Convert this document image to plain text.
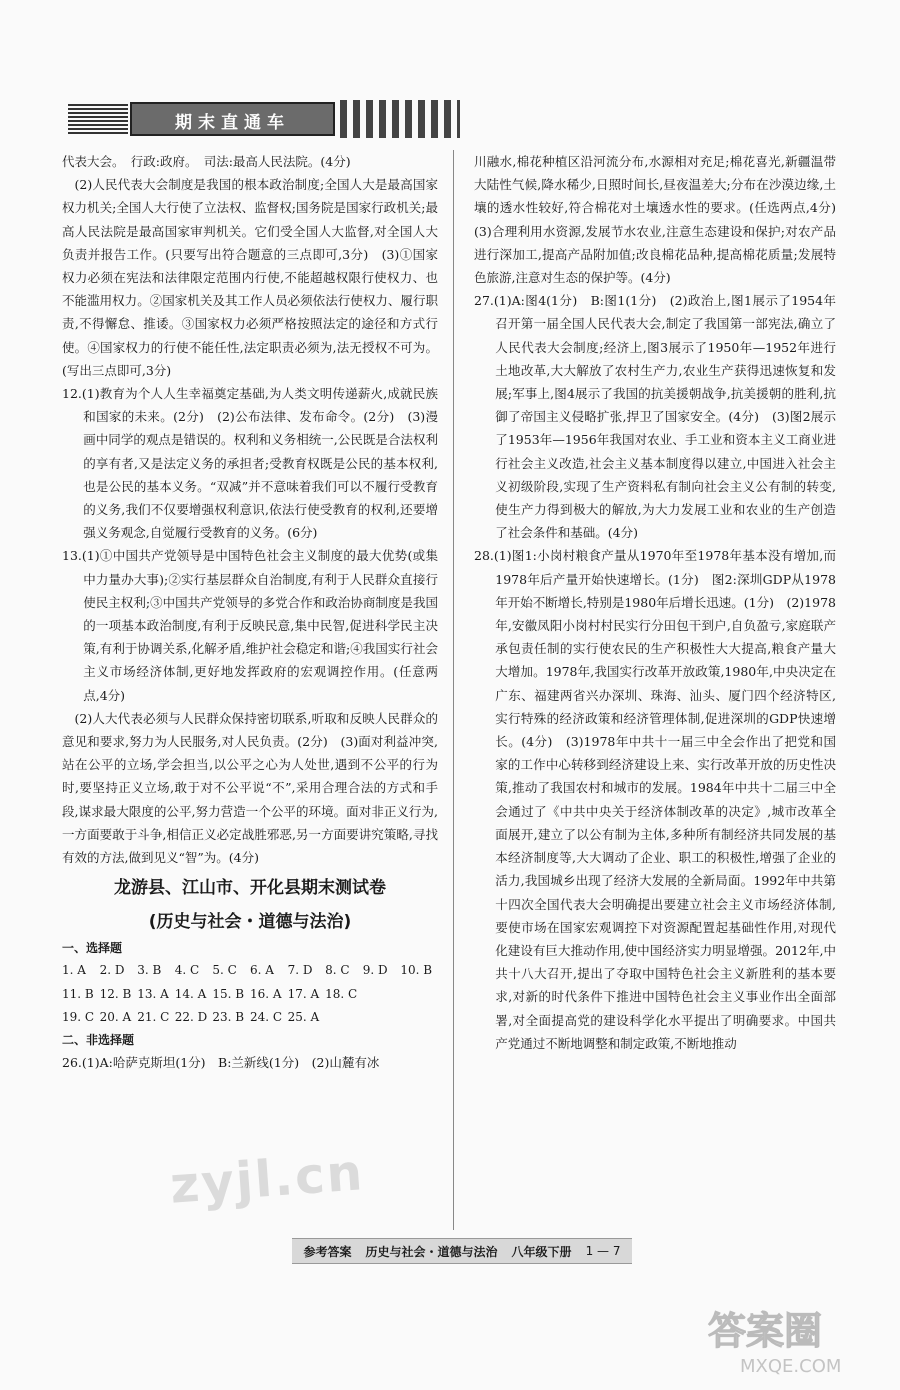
期末直通车

代表大会。　行政:政府。　司法:最高人民法院。(4分)

(2)人民代表大会制度是我国的根本政治制度;全国人大是最高国家权力机关;全国人大行使了立法权、监督权;国务院是国家行政机关;最高人民法院是最高国家审判机关。它们受全国人大监督,对全国人大负责并报告工作。(只要写出符合题意的三点即可,3分)　(3)①国家权力必须在宪法和法律限定范围内行使,不能超越权限行使权力、也不能滥用权力。②国家机关及其工作人员必须依法行使权力、履行职责,不得懈怠、推诿。③国家权力必须严格按照法定的途径和方式行使。④国家权力的行使不能任性,法定职责必须为,法无授权不可为。(写出三点即可,3分)

12.(1)教育为个人人生幸福奠定基础,为人类文明传递薪火,成就民族和国家的未来。(2分)　(2)公布法律、发布命令。(2分)　(3)漫画中同学的观点是错误的。权利和义务相统一,公民既是合法权利的享有者,又是法定义务的承担者;受教育权既是公民的基本权利,也是公民的基本义务。“双减”并不意味着我们可以不履行受教育的义务,我们不仅要增强权利意识,依法行使受教育的权利,还要增强义务观念,自觉履行受教育的义务。(6分)

13.(1)①中国共产党领导是中国特色社会主义制度的最大优势(或集中力量办大事);②实行基层群众自治制度,有利于人民群众直接行使民主权利;③中国共产党领导的多党合作和政治协商制度是我国的一项基本政治制度,有利于反映民意,集中民智,促进科学民主决策,有利于协调关系,化解矛盾,维护社会稳定和谐;④我国实行社会主义市场经济体制,更好地发挥政府的宏观调控作用。(任意两点,4分)

(2)人大代表必须与人民群众保持密切联系,听取和反映人民群众的意见和要求,努力为人民服务,对人民负责。(2分)　(3)面对利益冲突,站在公平的立场,学会担当,以公平之心为人处世,遇到不公平的行为时,要坚持正义立场,敢于对不公平说“不”,采用合理合法的方式和手段,谋求最大限度的公平,努力营造一个公平的环境。面对非正义行为,一方面要敢于斗争,相信正义必定战胜邪恶,另一方面要讲究策略,寻找有效的方法,做到见义“智”为。(4分)

龙游县、江山市、开化县期末测试卷
(历史与社会・道德与法治)
一、选择题
1. A	2. D	3. B	4. C	5. C	6. A	7. D	8. C	9. D	10. B
11. B 12. B 13. A 14. A 15. B 16. A 17. A 18. C
19. C 20. A 21. C 22. D 23. B 24. C 25. A
二、非选择题

26.(1)A:哈萨克斯坦(1分)　B:兰新线(1分)　(2)山麓有冰

川融水,棉花种植区沿河流分布,水源相对充足;棉花喜光,新疆温带大陆性气候,降水稀少,日照时间长,昼夜温差大;分布在沙漠边缘,土壤的透水性较好,符合棉花对土壤透水性的要求。(任选两点,4分)　(3)合理利用水资源,发展节水农业,注意生态建设和保护;对农产品进行深加工,提高产品附加值;改良棉花品种,提高棉花质量;发展特色旅游,注意对生态的保护等。(4分)

27.(1)A:图4(1分)　B:图1(1分)　(2)政治上,图1展示了1954年召开第一届全国人民代表大会,制定了我国第一部宪法,确立了人民代表大会制度;经济上,图3展示了1950年—1952年进行土地改革,大大解放了农村生产力,农业生产获得迅速恢复和发展;军事上,图4展示了我国的抗美援朝战争,抗美援朝的胜利,抗御了帝国主义侵略扩张,捍卫了国家安全。(4分)　(3)图2展示了1953年—1956年我国对农业、手工业和资本主义工商业进行社会主义改造,社会主义基本制度得以建立,中国进入社会主义初级阶段,实现了生产资料私有制向社会主义公有制的转变,使生产力得到极大的解放,为大力发展工业和农业的生产创造了社会条件和基础。(4分)

28.(1)图1:小岗村粮食产量从1970年至1978年基本没有增加,而1978年后产量开始快速增长。(1分)　图2:深圳GDP从1978年开始不断增长,特别是1980年后增长迅速。(1分)　(2)1978年,安徽凤阳小岗村村民实行分田包干到户,自负盈亏,家庭联产承包责任制的实行使农民的生产积极性大大提高,粮食产量大大增加。1978年,我国实行改革开放政策,1980年,中央决定在广东、福建两省兴办深圳、珠海、汕头、厦门四个经济特区,实行特殊的经济政策和经济管理体制,促进深圳的GDP快速增长。(4分)　(3)1978年中共十一届三中全会作出了把党和国家的工作中心转移到经济建设上来、实行改革开放的历史性决策,推动了我国农村和城市的发展。1984年中共十二届三中全会通过了《中共中央关于经济体制改革的决定》,城市改革全面展开,建立了以公有制为主体,多种所有制经济共同发展的基本经济制度等,大大调动了企业、职工的积极性,增强了企业的活力,我国城乡出现了经济大发展的全新局面。1992年中共第十四次全国代表大会明确提出要建立社会主义市场经济体制,要使市场在国家宏观调控下对资源配置起基础性作用,对现代化建设有巨大推动作用,使中国经济实力明显增强。2012年,中共十八大召开,提出了夺取中国特色社会主义新胜利的基本要求,对新的时代条件下推进中国特色社会主义事业作出全面部署,对全面提高党的建设科学化水平提出了明确要求。中国共产党通过不断地调整和制定政策,不断地推动

zyjl.cn
参考答案 历史与社会・道德与法治 八年级下册 1 — 7
答案圈
MXQE.COM
